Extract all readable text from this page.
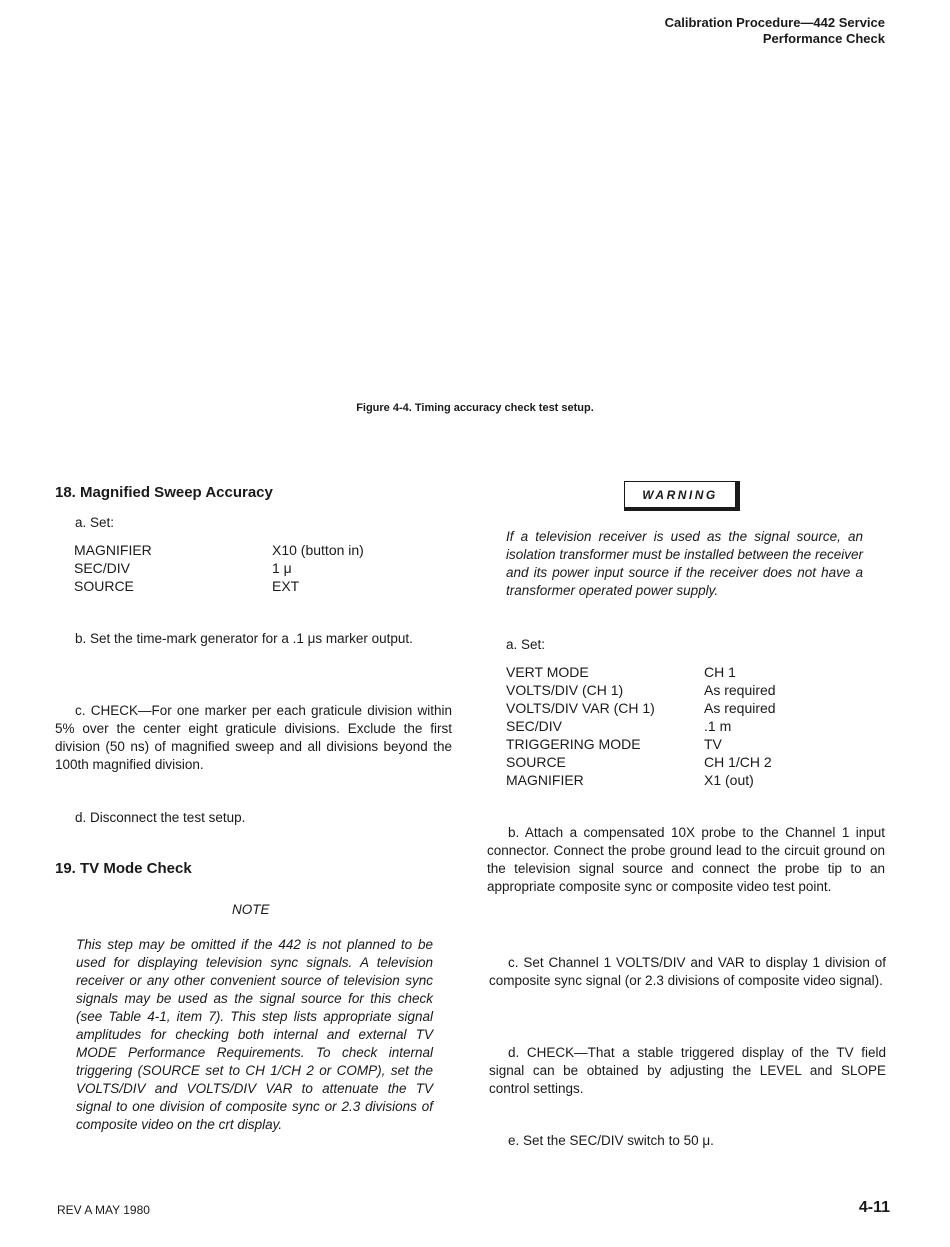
Calibration Procedure—442 Service
Performance Check
Figure 4-4. Timing accuracy check test setup.
18. Magnified Sweep Accuracy
a. Set:
MAGNIFIER	X10 (button in)
SEC/DIV	1 μ
SOURCE	EXT
b. Set the time-mark generator for a .1 μs marker output.
c. CHECK—For one marker per each graticule division within 5% over the center eight graticule divisions. Exclude the first division (50 ns) of magnified sweep and all divisions beyond the 100th magnified division.
d. Disconnect the test setup.
19. TV Mode Check
NOTE
This step may be omitted if the 442 is not planned to be used for displaying television sync signals. A television receiver or any other convenient source of television sync signals may be used as the signal source for this check (see Table 4-1, item 7). This step lists appropriate signal amplitudes for checking both internal and external TV MODE Performance Requirements. To check internal triggering (SOURCE set to CH 1/CH 2 or COMP), set the VOLTS/DIV and VOLTS/DIV VAR to attenuate the TV signal to one division of composite sync or 2.3 divisions of composite video on the crt display.
WARNING
If a television receiver is used as the signal source, an isolation transformer must be installed between the receiver and its power input source if the receiver does not have a transformer operated power supply.
a. Set:
VERT MODE	CH 1
VOLTS/DIV (CH 1)	As required
VOLTS/DIV VAR (CH 1)	As required
SEC/DIV	.1 m
TRIGGERING MODE	TV
SOURCE	CH 1/CH 2
MAGNIFIER	X1 (out)
b. Attach a compensated 10X probe to the Channel 1 input connector. Connect the probe ground lead to the circuit ground on the television signal source and connect the probe tip to an appropriate composite sync or composite video test point.
c. Set Channel 1 VOLTS/DIV and VAR to display 1 division of composite sync signal (or 2.3 divisions of composite video signal).
d. CHECK—That a stable triggered display of the TV field signal can be obtained by adjusting the LEVEL and SLOPE control settings.
e. Set the SEC/DIV switch to 50 μ.
REV A MAY 1980	4-11
